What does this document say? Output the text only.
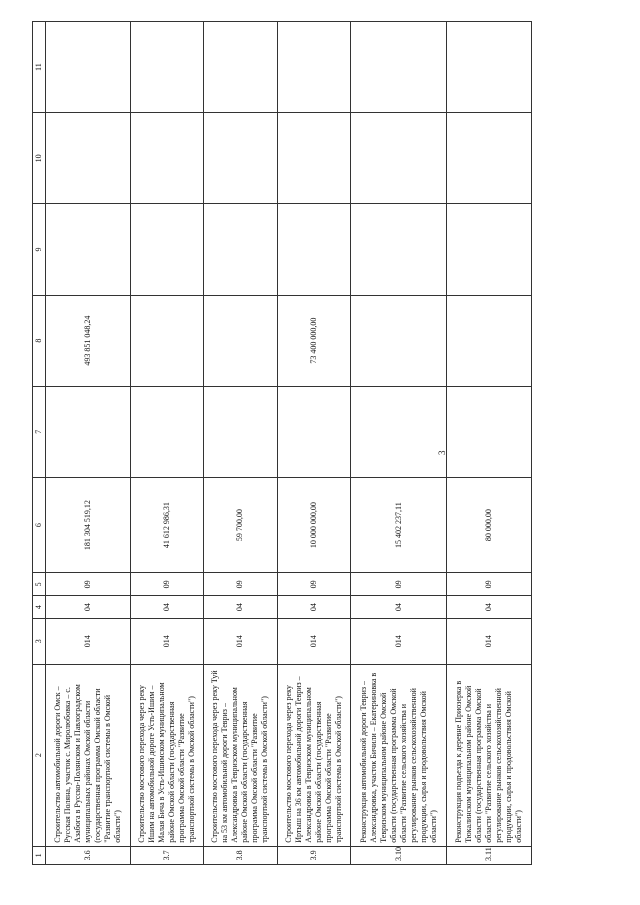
3
1	2	3	4	5	6	7	8	9	10	11
3.6	Строительство автомобильной дороги Омск – Русская Поляна, участок с. Миролюбовка – с. Азабога в Русско-Полянском и Павлоградском муниципальных районах Омской области (государственная программа Омской области "Развитие транспортной системы в Омской области")	014	04	09	181 304 519,12		493 851 048,24			
3.7	Строительство мостового перехода через реку Ишим на автомобильной дороге Усть-Ишим – Малая Бича в Усть-Ишимском муниципальном районе Омской области (государственная программа Омской области "Развитие транспортной системы в Омской области")	014	04	09	41 612 986,31					
3.8	Строительство мостового перехода через реку Туй на 53 км автомобильной дороги Тевриз – Александровка в Тевризском муниципальном районе Омской области (государственная программа Омской области "Развитие транспортной системы в Омской области")	014	04	09	59 700,00					
3.9	Строительство мостового перехода через реку Иртыш на 36 км автомобильной дороги Тевриз – Александровка в Тевризском муниципальном районе Омской области (государственная программа Омской области "Развитие транспортной системы в Омской области")	014	04	09	10 000 000,00		73 400 000,00			
3.10	Реконструкция автомобильной дороги Тевриз – Александровка, участок Бичили – Екатериновка в Тевризском муниципальном районе Омской области (государственная программа Омской области "Развитие сельского хозяйства и регулирование рынков сельскохозяйственной продукции, сырья и продовольствия Омской области")	014	04	09	15 402 237,11					
3.11	Реконструкция подъезда к деревне Приозерка в Тюкалинском муниципальном районе Омской области (государственная программа Омской области "Развитие сельского хозяйства и регулирование рынков сельскохозяйственной продукции, сырья и продовольствия Омской области")	014	04	09	80 000,00					
